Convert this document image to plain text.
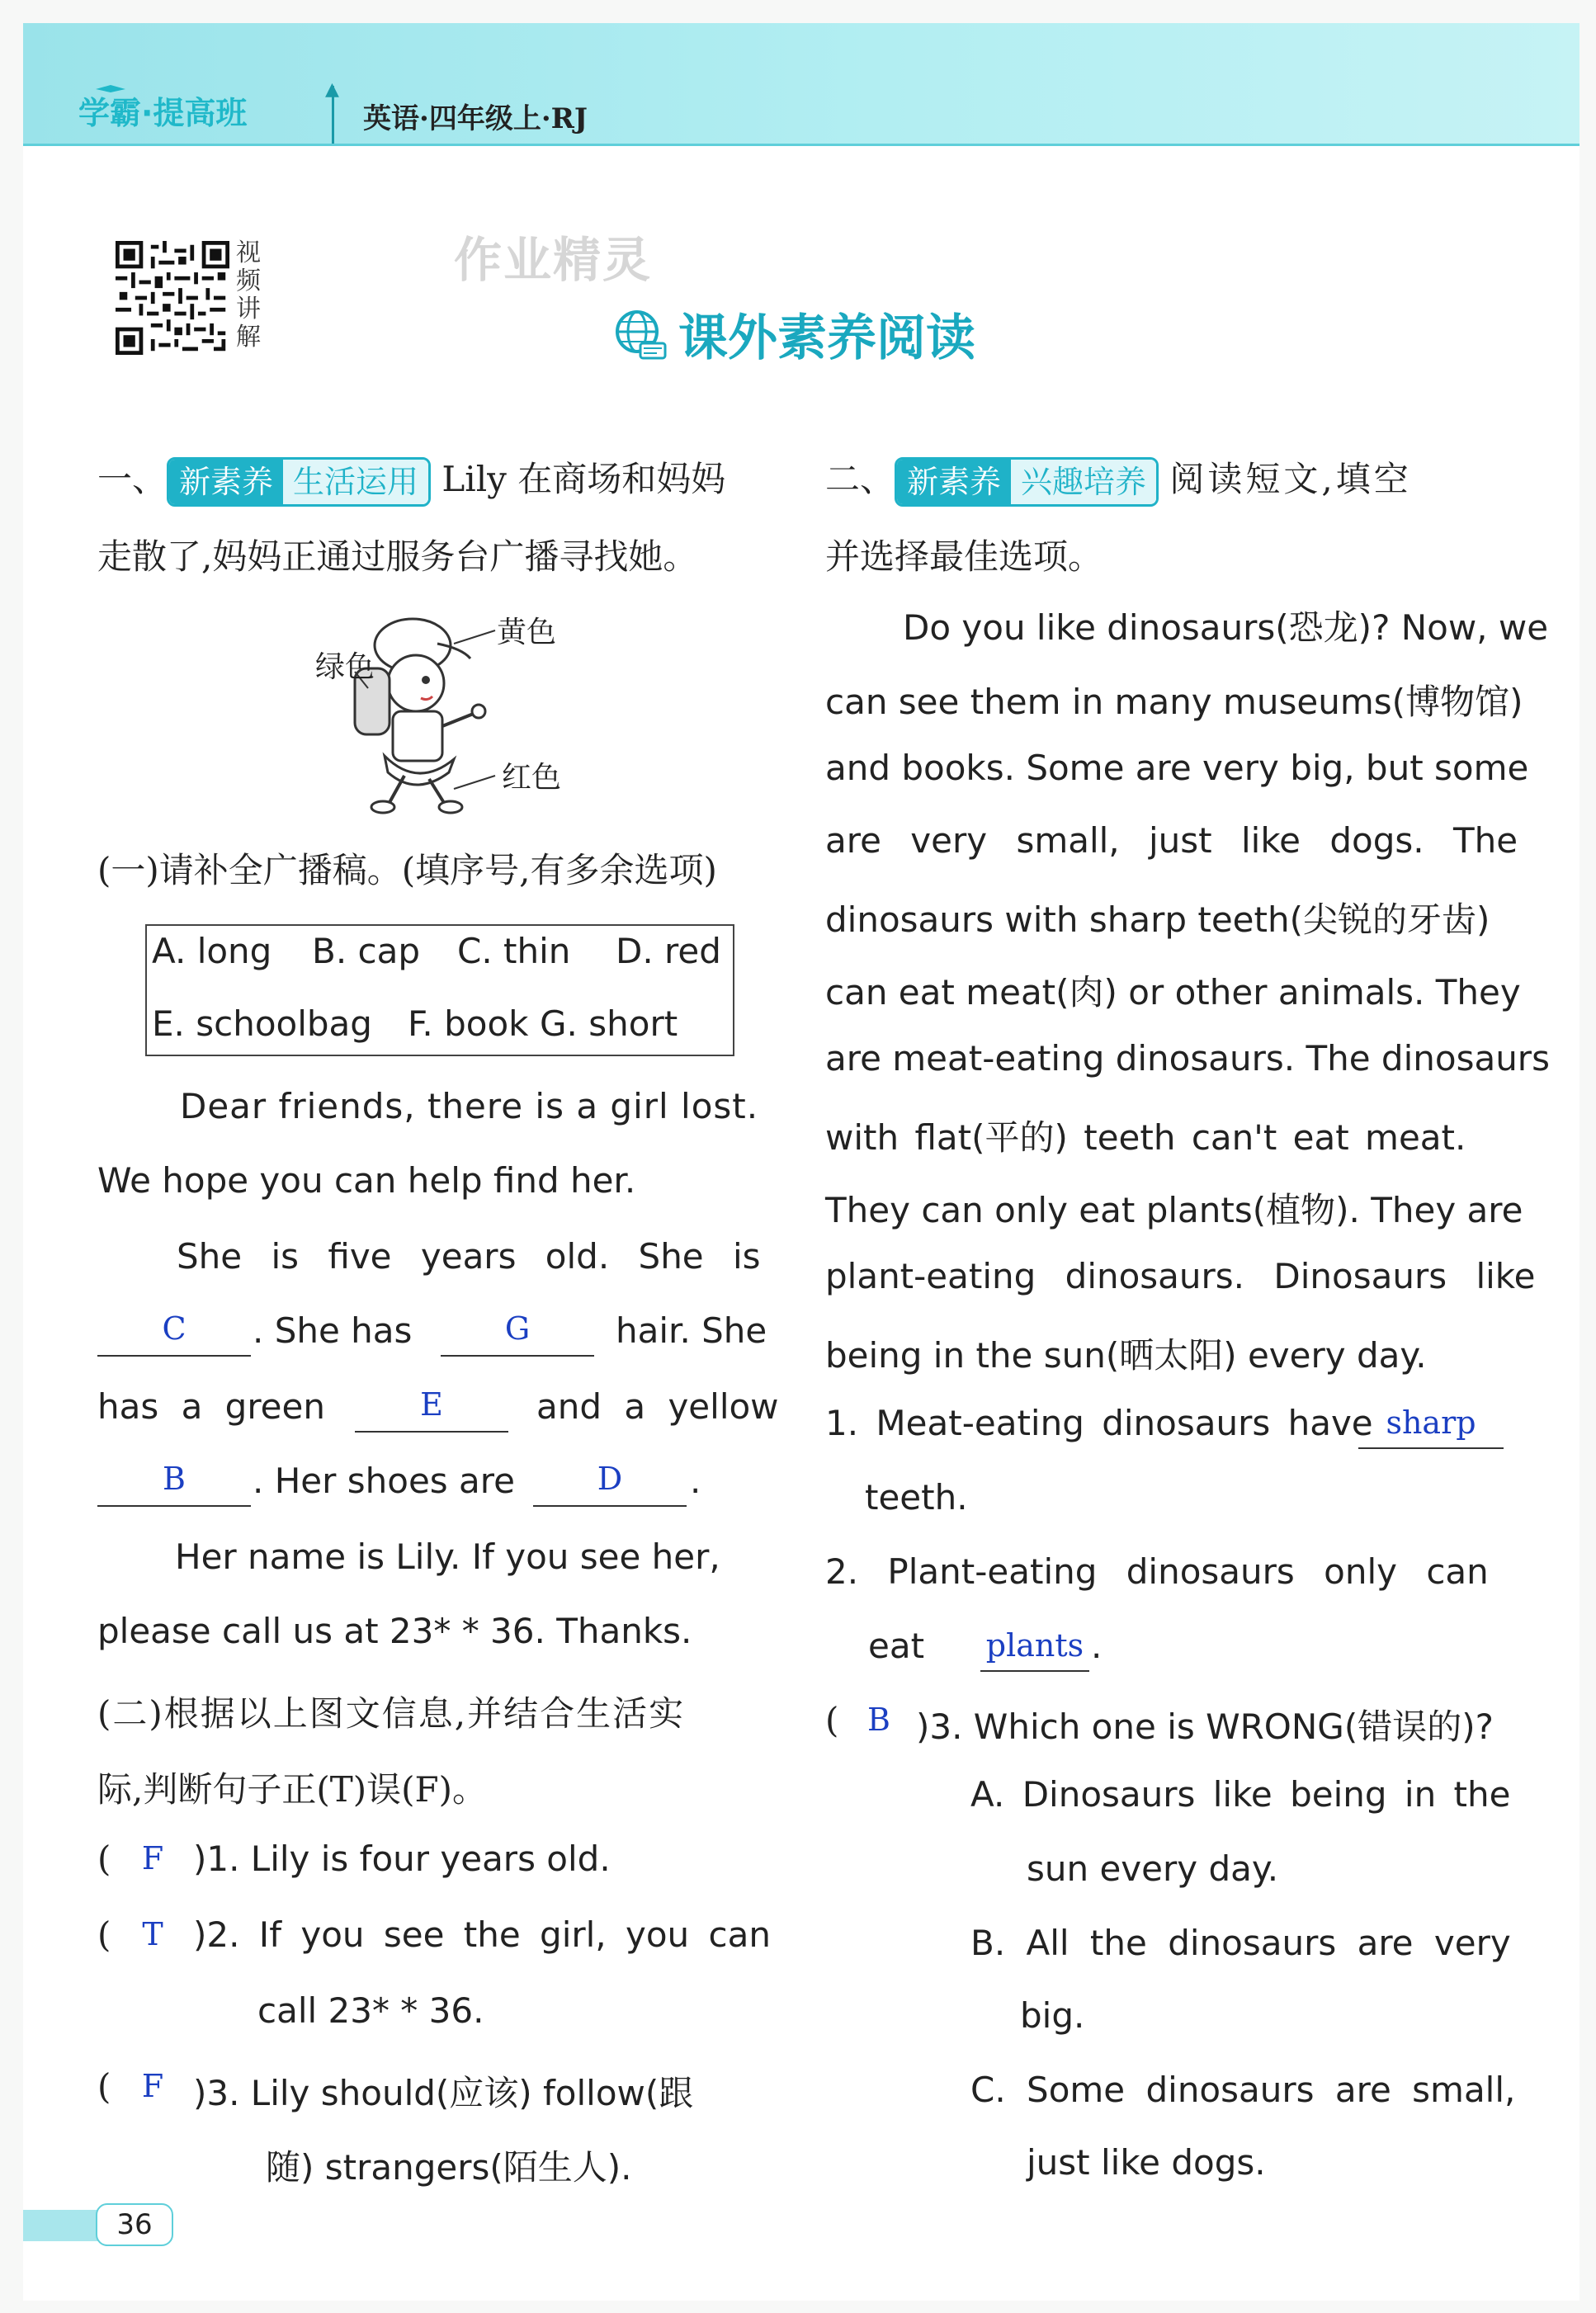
学霸·提高班
▲
英语·四年级上·RJ
视
频
讲
解
作业精灵
课外素养阅读
一、 新素养 生活运用 Lily 在商场和妈妈
走散了,妈妈正通过服务台广播寻找她。
黄色
绿色
红色
(一)请补全广播稿。(填序号,有多余选项)
A. long B. cap C. thin D. red
E. schoolbag F. book G. short
Dear friends, there is a girl lost.
We hope you can help find her.
She is five years old. She is
C	. She has	G	hair. She
has a green	E	and a yellow
B	. Her shoes are	D	.
Her name is Lily. If you see her,
please call us at 23* * 36. Thanks.
(二)根据以上图文信息,并结合生活实
际,判断句子正(T)误(F)。
( F )1. Lily is four years old.
( T )2. If you see the girl, you can
call 23* * 36.
( F )3. Lily should(应该) follow(跟
随) strangers(陌生人).
二、 新素养 兴趣培养 阅读短文,填空
并选择最佳选项。
Do you like dinosaurs(恐龙)? Now, we
can see them in many museums(博物馆)
and books. Some are very big, but some
are very small, just like dogs. The
dinosaurs with sharp teeth(尖锐的牙齿)
can eat meat(肉) or other animals. They
are meat-eating dinosaurs. The dinosaurs
with flat(平的) teeth can't eat meat.
They can only eat plants(植物). They are
plant-eating dinosaurs. Dinosaurs like
being in the sun(晒太阳) every day.
1. Meat-eating dinosaurs have sharp
teeth.
2. Plant-eating dinosaurs only can
eat plants .
( B )3. Which one is WRONG(错误的)?
A. Dinosaurs like being in the
sun every day.
B. All the dinosaurs are very
big.
C. Some dinosaurs are small,
just like dogs.
36
